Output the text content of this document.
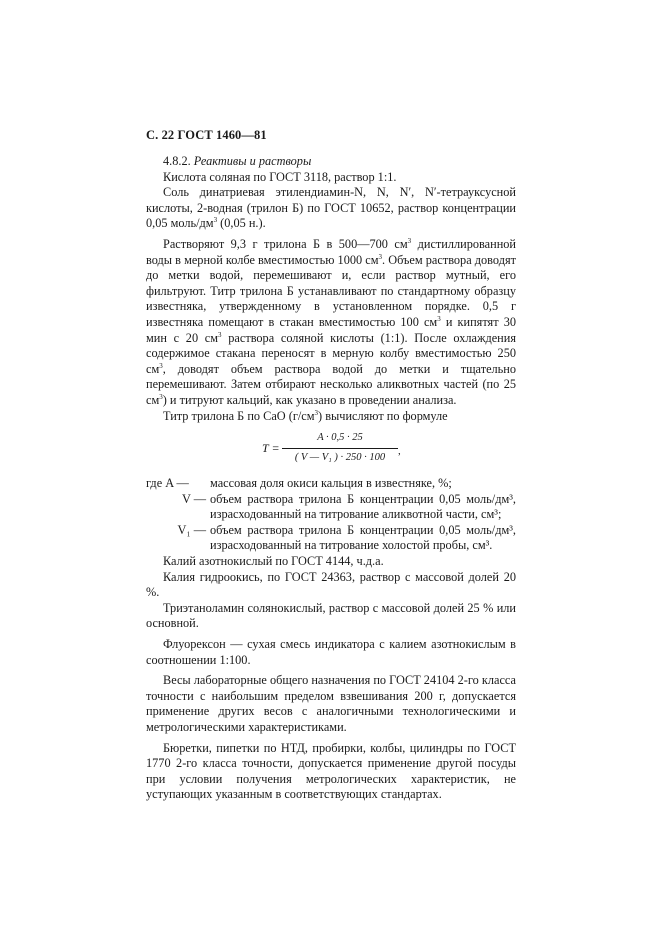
С. 22 ГОСТ 1460—81

4.8.2. Реактивы и растворы

Кислота соляная по ГОСТ 3118, раствор 1:1.

Соль динатриевая этилендиамин-N, N, N′, N′-тетрауксусной кислоты, 2-водная (трилон Б) по ГОСТ 10652, раствор концентрации 0,05 моль/$дм^3$ (0,05 н.).

Растворяют 9,3 г трилона Б в 500—700 $см^3$ дистиллированной воды в мерной колбе вместимостью 1000 $см^3$. Объем раствора доводят до метки водой, перемешивают и, если раствор мутный, его фильтруют. Титр трилона Б устанавливают по стандартному образцу известняка, утвержденному в установленном порядке. 0,5 г известняка помещают в стакан вместимостью 100 $см^3$ и кипятят 30 мин с 20 $см^3$ раствора соляной кислоты (1:1). После охлаждения содержимое стакана переносят в мерную колбу вместимостью 250 $см^3$, доводят объем раствора водой до метки и тщательно перемешивают. Затем отбирают несколько аликвотных частей (по 25 $см^3$) и титруют кальций, как указано в проведении анализа.

Титр трилона Б по CaO $(г/см^3)$ вычисляют по формуле

T =
A · 0,5 · 25
( V — V₁ ) · 250 · 100
,
где A —	массовая доля окиси кальция в известняке, %;
V — объем раствора трилона Б концентрации 0,05 моль/дм³, израсходованный на титрование аликвотной части, см³;
V₁ — объем раствора трилона Б концентрации 0,05 моль/дм³, израсходованный на титрование холостой пробы, см³.

Калий азотнокислый по ГОСТ 4144, ч.д.а.

Калия гидроокись, по ГОСТ 24363, раствор с массовой долей 20 %.

Триэтаноламин солянокислый, раствор с массовой долей 25 % или основной.

Флуорексон — сухая смесь индикатора с калием азотнокислым в соотношении 1:100.

Весы лабораторные общего назначения по ГОСТ 24104 2-го класса точности с наибольшим пределом взвешивания 200 г, допускается применение других весов с аналогичными технологическими и метрологическими характеристиками.

Бюретки, пипетки по НТД, пробирки, колбы, цилиндры по ГОСТ 1770 2-го класса точности, допускается применение другой посуды при условии получения метрологических характеристик, не уступающих указанным в соответствующих стандартах.
